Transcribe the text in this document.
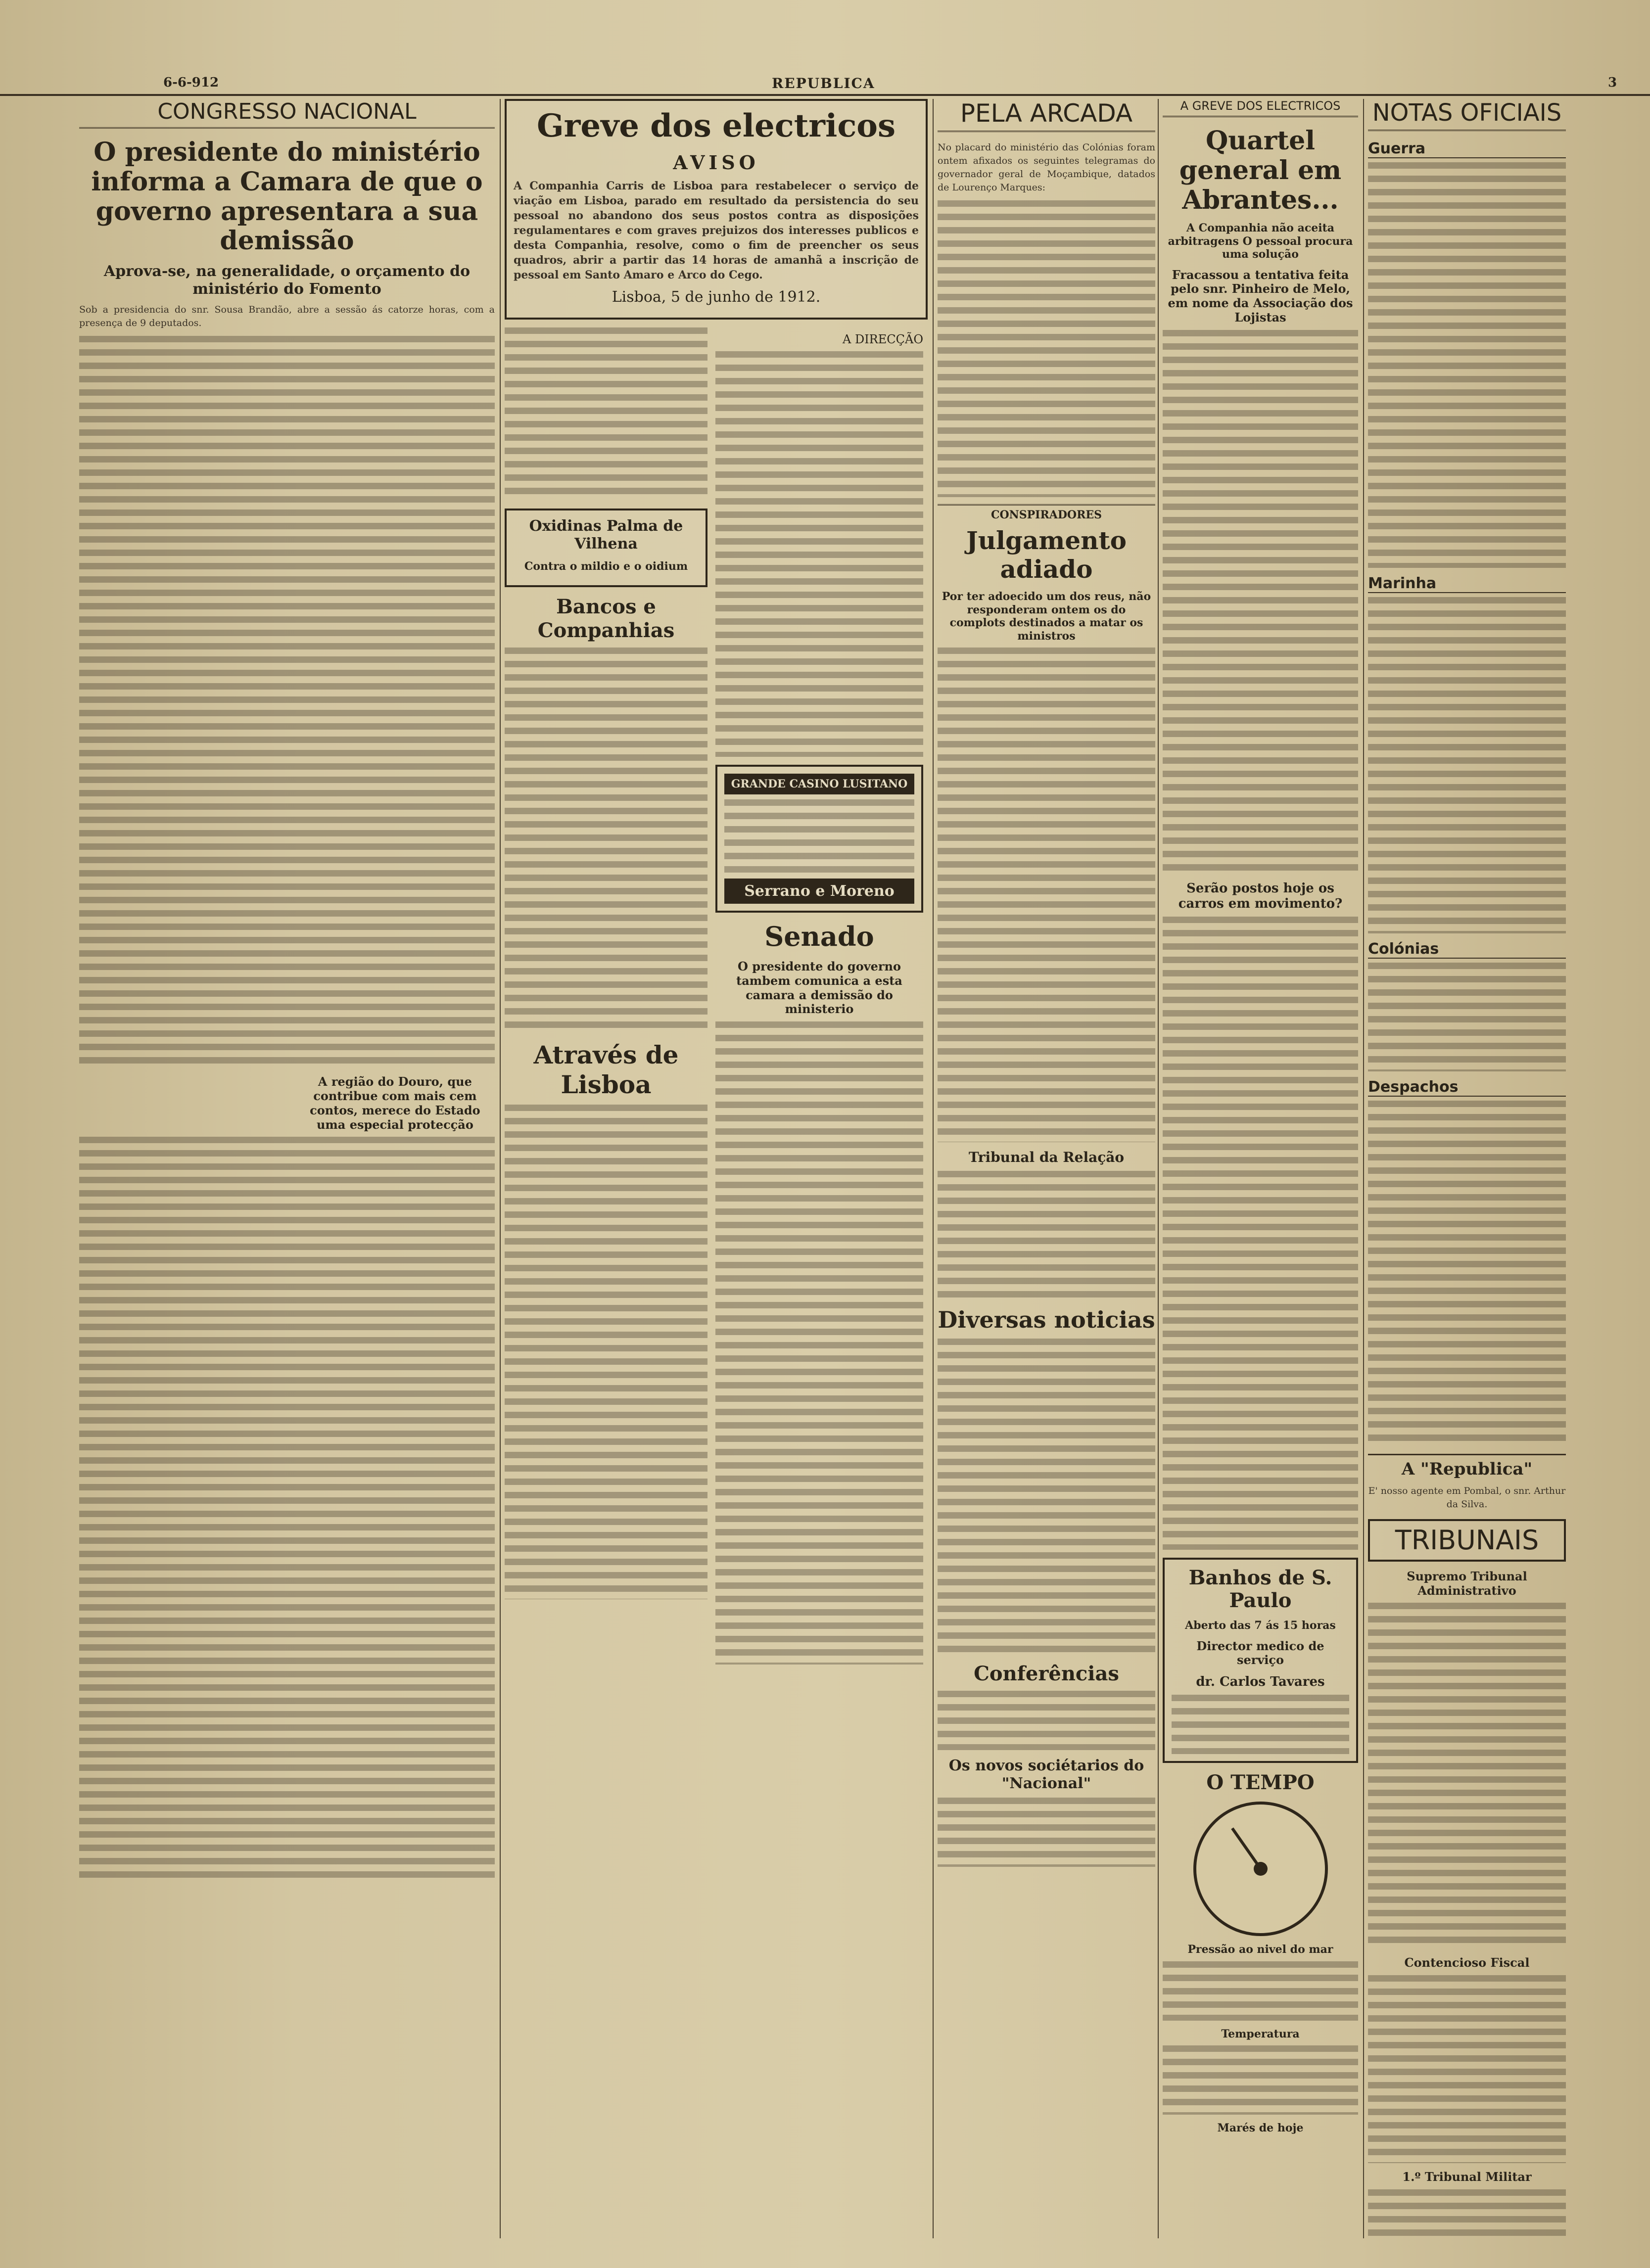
6-6-912	REPUBLICA	3
CONGRESSO NACIONAL
O presidente do ministério informa a Camara de que o governo apresentara a sua demissão
Aprova-se, na generalidade, o orçamento do ministério do Fomento

Sob a presidencia do snr. Sousa Brandão, abre a sessão ás catorze horas, com a presença de 9 deputados.

A região do Douro, que contribue com mais cem contos, merece do Estado uma especial protecção
Greve dos electricos
AVISO

A Companhia Carris de Lisboa para restabelecer o serviço de viação em Lisboa, parado em resultado da persistencia do seu pessoal no abandono dos seus postos contra as disposições regulamentares e com graves prejuizos dos interesses publicos e desta Companhia, resolve, como o fim de preencher os seus quadros, abrir a partir das 14 horas de amanhã a inscrição de pessoal em Santo Amaro e Arco do Cego.

Lisboa, 5 de junho de 1912.
Oxidinas Palma de Vilhena
Contra o mildio e o oidium
Bancos e Companhias
Através de Lisboa
A DIRECÇÃO
GRANDE CASINO LUSITANO
Serrano e Moreno
Senado
O presidente do governo tambem comunica a esta camara a demissão do ministerio
PELA ARCADA

No placard do ministério das Colónias foram ontem afixados os seguintes telegramas do governador geral de Moçambique, datados de Lourenço Marques:

CONSPIRADORES
Julgamento adiado
Por ter adoecido um dos reus, não responderam ontem os do complots destinados a matar os ministros
Tribunal da Relação
Diversas noticias
Conferências
Os novos sociétarios do "Nacional"
A GREVE DOS ELECTRICOS
Quartel general em Abrantes...
A Companhia não aceita arbitragens O pessoal procura uma solução
Fracassou a tentativa feita pelo snr. Pinheiro de Melo, em nome da Associação dos Lojistas
Serão postos hoje os carros em movimento?
Banhos de S. Paulo
Aberto das 7 ás 15 horas
Director medico de serviço
dr. Carlos Tavares
O TEMPO
Pressão ao nivel do mar
Temperatura
Marés de hoje
NOTAS OFICIAIS
Guerra
Marinha
Colónias
Despachos
A "Republica"

E' nosso agente em Pombal, o snr. Arthur da Silva.

TRIBUNAIS
Supremo Tribunal Administrativo
Contencioso Fiscal
1.º Tribunal Militar
